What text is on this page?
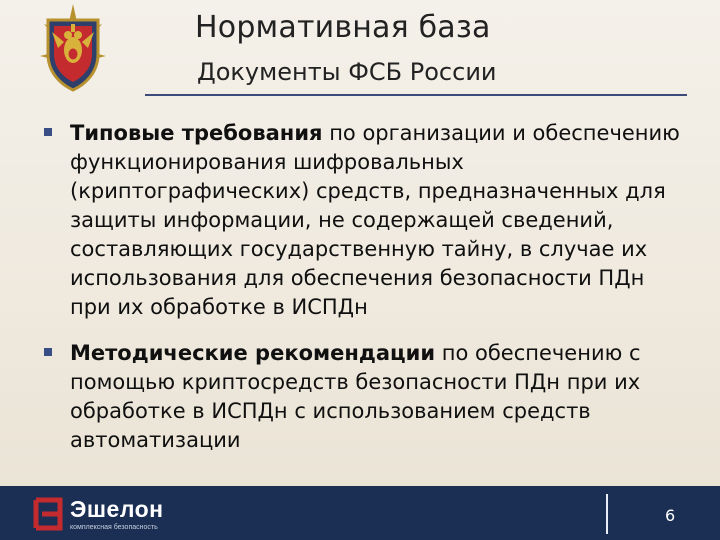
Нормативная база
Документы ФСБ России
Типовые требования по организации и обеспечению функционирования шифровальных (криптографических) средств, предназначенных для защиты информации, не содержащей сведений, составляющих государственную тайну, в случае их использования для обеспечения безопасности ПДн при их обработке в ИСПДн
Методические рекомендации по обеспечению с помощью криптосредств безопасности ПДн при их обработке в ИСПДн с использованием средств автоматизации
Эшелон
комплексная безопасность
6
